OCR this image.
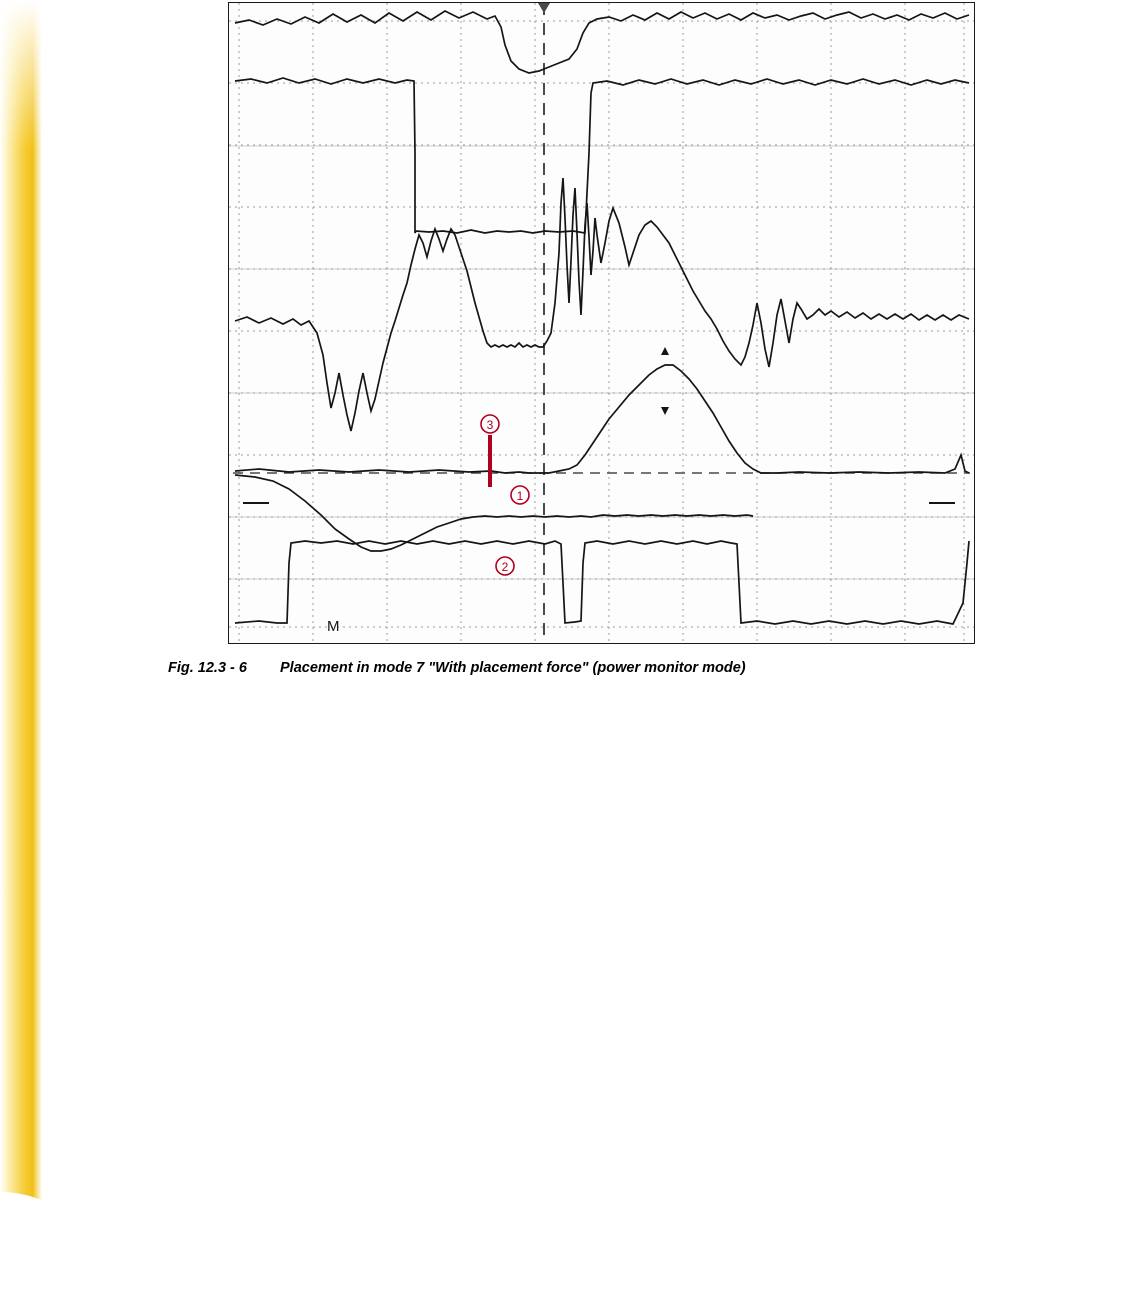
M
3
1
2
Fig. 12.3 - 6 Placement in mode 7 "With placement force" (power monitor mode)
